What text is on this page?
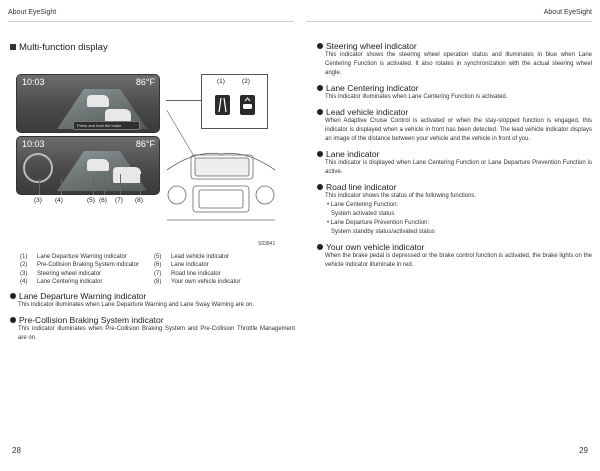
About EyeSight	About EyeSight
Multi-function display
10:03	86°F
Press and hold the brake
10:03	86°F
(1)	(2)
(3) (4)	(5) (6) (7) (8)
S03841
(1) Lane Departure Warning indicator
(2) Pre-Collision Braking System indicator
(3) Steering wheel indicator
(4) Lane Centering indicator
(5) Lead vehicle indicator
(6) Lane indicator
(7) Road line indicator
(8) Your own vehicle indicator
Lane Departure Warning indicator
This indicator illuminates when Lane Departure Warning and Lane Sway Warning are on.
Pre-Collision Braking System indicator
This indicator illuminates when Pre-Collision Braking System and Pre-Collision Throttle Management are on.
Steering wheel indicator
This indicator shows the steering wheel operation status and illuminates in blue when Lane Centering Function is activated. It also rotates in synchronization with the actual steering wheel angle.
Lane Centering indicator
This indicator illuminates when Lane Centering Function is activated.
Lead vehicle indicator
When Adaptive Cruise Control is activated or when the stay-stopped function is engaged, this indicator is displayed when a vehicle in front has been detected. The lead vehicle indicator displays an image of the distance between your vehicle and the vehicle in front of you.
Lane indicator
This indicator is displayed when Lane Centering Function or Lane Departure Prevention Function is active.
Road line indicator
This indicator shows the status of the following functions.
• Lane Centering Function:
System activated status
• Lane Departure Prevention Function:
System standby status/activated status
Your own vehicle indicator
When the brake pedal is depressed or the brake control function is activated, the brake lights on the vehicle indicator illuminate in red.
28	29
